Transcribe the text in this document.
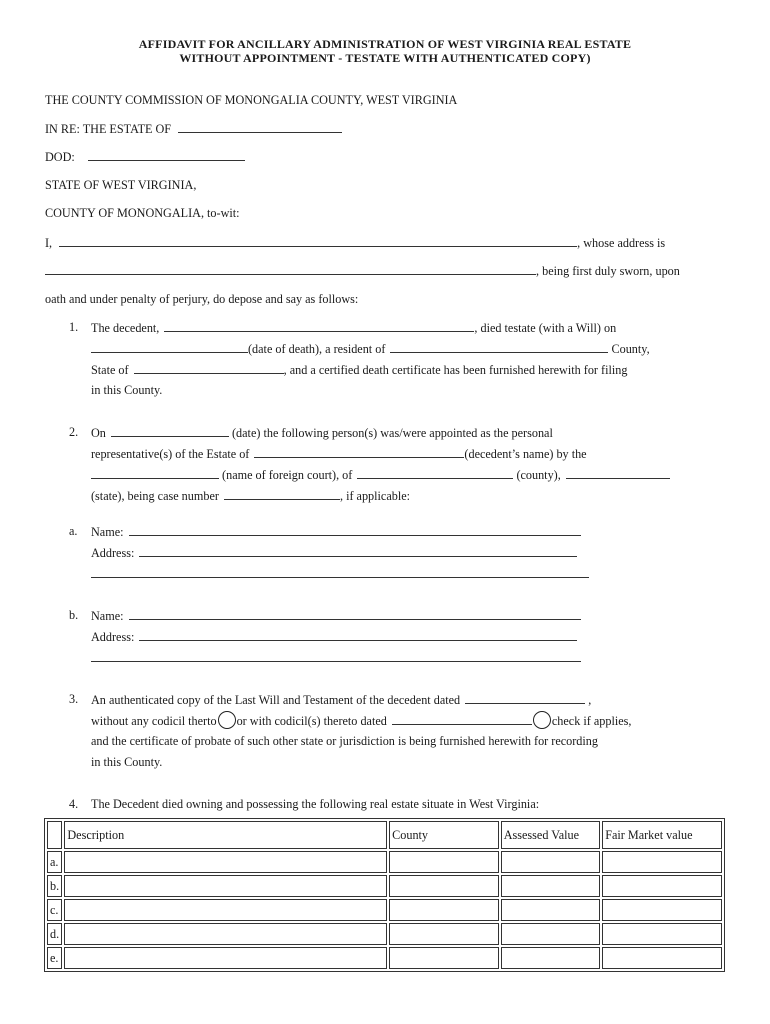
AFFIDAVIT FOR ANCILLARY ADMINISTRATION OF WEST VIRGINIA REAL ESTATE
WITHOUT APPOINTMENT - TESTATE WITH AUTHENTICATED COPY)
THE COUNTY COMMISSION OF MONONGALIA COUNTY, WEST VIRGINIA
IN RE: THE ESTATE OF
DOD:
STATE OF WEST VIRGINIA,
COUNTY OF MONONGALIA, to-wit:
I,	, whose address is
, being first duly sworn, upon
oath and under penalty of perjury, do depose and say as follows:
1. The decedent,	, died testate (with a Will) on
(date of death), a resident of	County,
State of	, and a certified death certificate has been furnished herewith for filing
in this County.
2. On	(date) the following person(s) was/were appointed as the personal
representative(s) of the Estate of	(decedent’s name) by the
(name of foreign court), of	(county),
(state), being case number	, if applicable:
a. Name:
Address:
b. Name:
Address:
3. An authenticated copy of the Last Will and Testament of the decedent dated	,
without any codicil therto or with codicil(s) thereto dated	check if applies,
and the certificate of probate of such other state or jurisdiction is being furnished herewith for recording
in this County.
4. The Decedent died owning and possessing the following real estate situate in West Virginia:
	Description	County	Assessed Value	Fair Market value
a.				
b.				
c.				
d.				
e.				
